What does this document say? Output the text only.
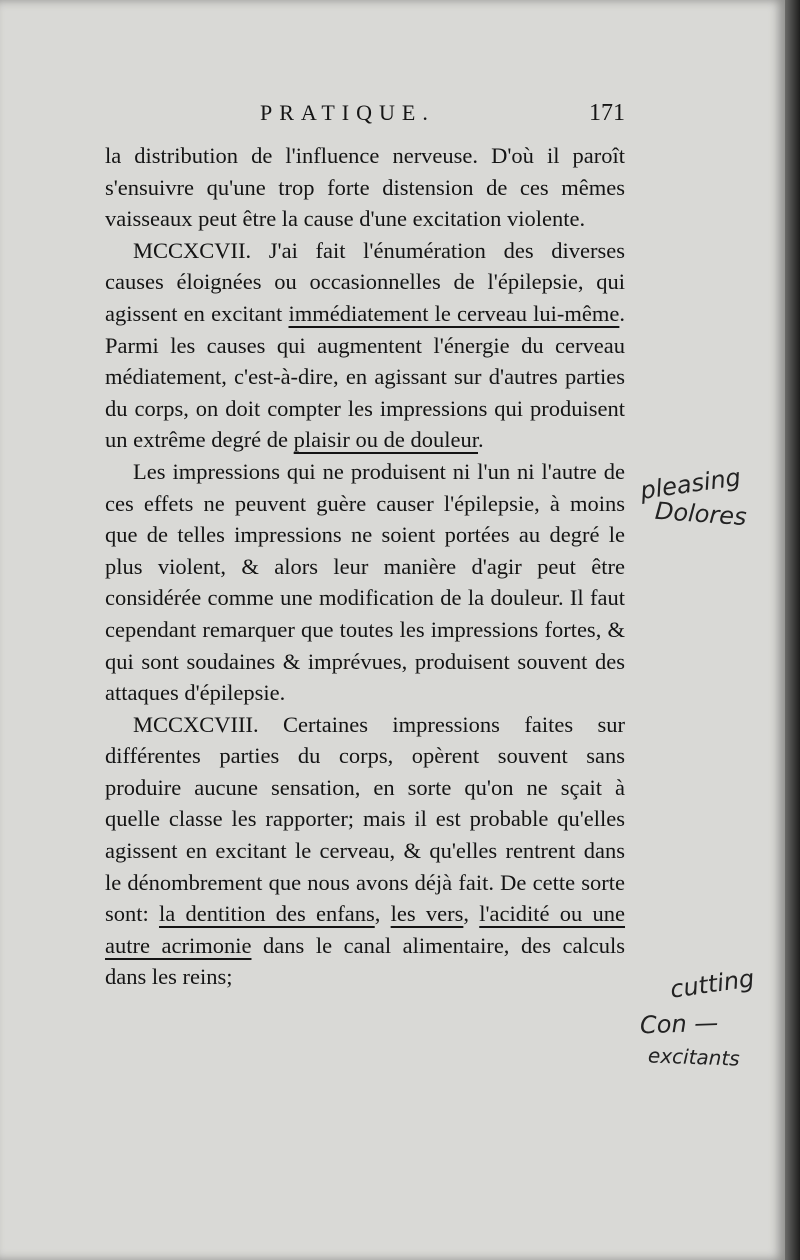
PRATIQUE.	171

la distribution de l'influence nerveuse. D'où il paroît s'ensuivre qu'une trop forte distension de ces mêmes vaisseaux peut être la cause d'une excitation violente.

MCCXCVII. J'ai fait l'énumération des diverses causes éloignées ou occasionnelles de l'épilepsie, qui agissent en excitant immédiatement le cerveau lui-même. Parmi les causes qui augmentent l'énergie du cerveau médiatement, c'est-à-dire, en agissant sur d'autres parties du corps, on doit compter les impressions qui produisent un extrême degré de plaisir ou de douleur.

Les impressions qui ne produisent ni l'un ni l'autre de ces effets ne peuvent guère causer l'épilepsie, à moins que de telles impressions ne soient portées au degré le plus violent, & alors leur manière d'agir peut être considérée comme une modification de la douleur. Il faut cependant remarquer que toutes les impressions fortes, & qui sont soudaines & imprévues, produisent souvent des attaques d'épilepsie.

MCCXCVIII. Certaines impressions faites sur différentes parties du corps, opèrent souvent sans produire aucune sensation, en sorte qu'on ne sçait à quelle classe les rapporter; mais il est probable qu'elles agissent en excitant le cerveau, & qu'elles rentrent dans le dénombrement que nous avons déjà fait. De cette sorte sont: la dentition des enfans, les vers, l'acidité ou une autre acrimonie dans le canal alimentaire, des calculs dans les reins;

pleasing
Dolores
cutting
Con —
excitants
